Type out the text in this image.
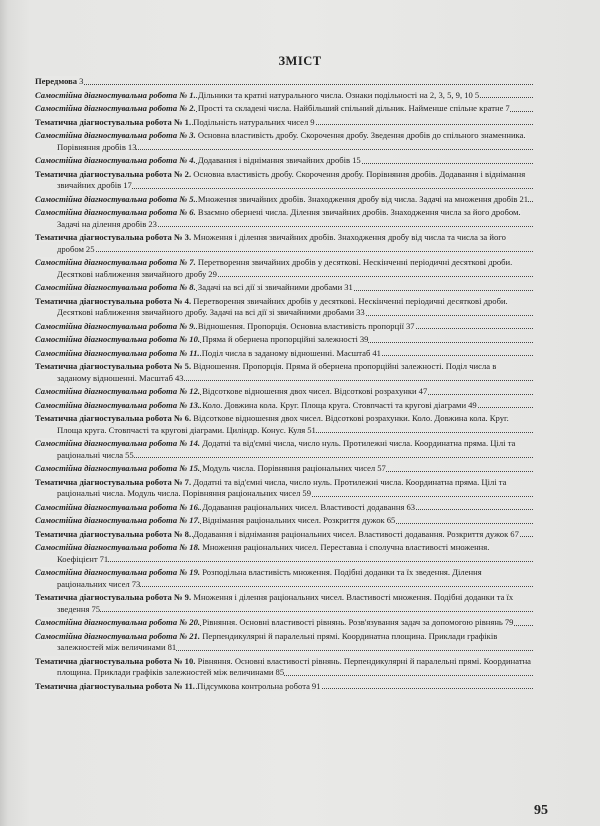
ЗМІСТ
Передмова 3
Самостійна діагностувальна робота № 1. Дільники та кратні натурального числа. Ознаки подільності на 2, 3, 5, 9, 10 5
Самостійна діагностувальна робота № 2. Прості та складені числа. Найбільший спільний дільник. Найменше спільне кратне 7
Тематична діагностувальна робота № 1. Подільність натуральних чисел 9
Самостійна діагностувальна робота № 3. Основна властивість дробу. Скорочення дробу. Зведення дробів до спільного знаменника. Порівняння дробів 13
Самостійна діагностувальна робота № 4. Додавання і віднімання звичайних дробів 15
Тематична діагностувальна робота № 2. Основна властивість дробу. Скорочення дробу. Порівняння дробів. Додавання і віднімання звичайних дробів 17
Самостійна діагностувальна робота № 5. Множення звичайних дробів. Знаходження дробу від числа. Задачі на множення дробів 21
Самостійна діагностувальна робота № 6. Взаємно обернені числа. Ділення звичайних дробів. Знаходження числа за його дробом. Задачі на ділення дробів 23
Тематична діагностувальна робота № 3. Множення і ділення звичайних дробів. Знаходження дробу від числа та числа за його дробом 25
Самостійна діагностувальна робота № 7. Перетворення звичайних дробів у десяткові. Нескінченні періодичні десяткові дроби. Десяткові наближення звичайного дробу 29
Самостійна діагностувальна робота № 8. Задачі на всі дії зі звичайними дробами 31
Тематична діагностувальна робота № 4. Перетворення звичайних дробів у десяткові. Нескінченні періодичні десяткові дроби. Десяткові наближення звичайного дробу. Задачі на всі дії зі звичайними дробами 33
Самостійна діагностувальна робота № 9. Відношення. Пропорція. Основна властивість пропорції 37
Самостійна діагностувальна робота № 10. Пряма й обернена пропорційні залежності 39
Самостійна діагностувальна робота № 11. Поділ числа в заданому відношенні. Масштаб 41
Тематична діагностувальна робота № 5. Відношення. Пропорція. Пряма й обернена пропорційні залежності. Поділ числа в заданому відношенні. Масштаб 43
Самостійна діагностувальна робота № 12. Відсоткове відношення двох чисел. Відсоткові розрахунки 47
Самостійна діагностувальна робота № 13. Коло. Довжина кола. Круг. Площа круга. Стовпчасті та кругові діаграми 49
Тематична діагностувальна робота № 6. Відсоткове відношення двох чисел. Відсоткові розрахунки. Коло. Довжина кола. Круг. Площа круга. Стовпчасті та кругові діаграми. Циліндр. Конус. Куля 51
Самостійна діагностувальна робота № 14. Додатні та від'ємні числа, число нуль. Протилежні числа. Координатна пряма. Цілі та раціональні числа 55
Самостійна діагностувальна робота № 15. Модуль числа. Порівняння раціональних чисел 57
Тематична діагностувальна робота № 7. Додатні та від'ємні числа, число нуль. Протилежні числа. Координатна пряма. Цілі та раціональні числа. Модуль числа. Порівняння раціональних чисел 59
Самостійна діагностувальна робота № 16. Додавання раціональних чисел. Властивості додавання 63
Самостійна діагностувальна робота № 17. Віднімання раціональних чисел. Розкриття дужок 65
Тематична діагностувальна робота № 8. Додавання і віднімання раціональних чисел. Властивості додавання. Розкриття дужок 67
Самостійна діагностувальна робота № 18. Множення раціональних чисел. Переставна і сполучна властивості множення. Коефіцієнт 71
Самостійна діагностувальна робота № 19. Розподільна властивість множення. Подібні доданки та їх зведення. Ділення раціональних чисел 73
Тематична діагностувальна робота № 9. Множення і ділення раціональних чисел. Властивості множення. Подібні доданки та їх зведення 75
Самостійна діагностувальна робота № 20. Рівняння. Основні властивості рівнянь. Розв'язування задач за допомогою рівнянь 79
Самостійна діагностувальна робота № 21. Перпендикулярні й паралельні прямі. Координатна площина. Приклади графіків залежностей між величинами 81
Тематична діагностувальна робота № 10. Рівняння. Основні властивості рівнянь. Перпендикулярні й паралельні прямі. Координатна площина. Приклади графіків залежностей між величинами 85
Тематична діагностувальна робота № 11. Підсумкова контрольна робота 91
95
